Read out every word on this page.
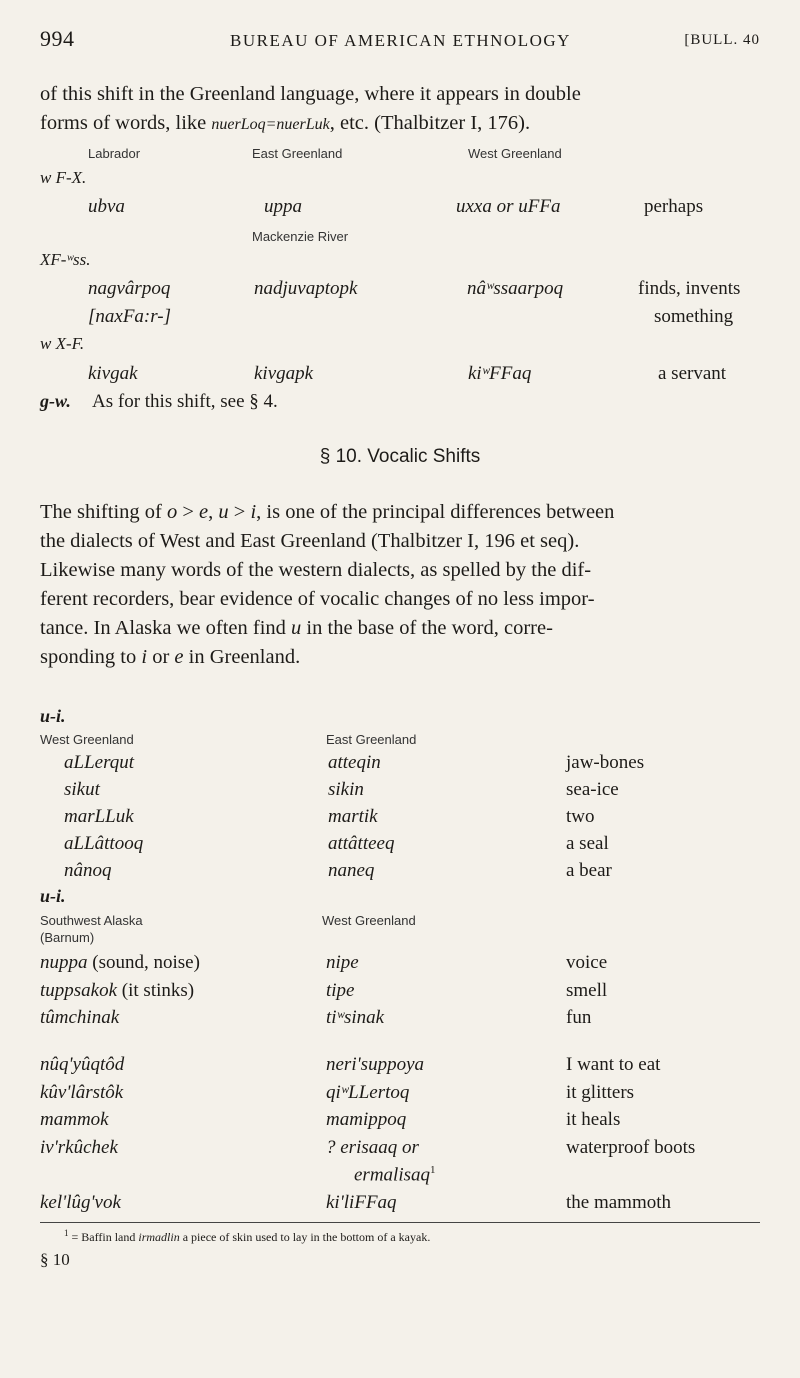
994	BUREAU OF AMERICAN ETHNOLOGY	[BULL. 40
of this shift in the Greenland language, where it appears in double
forms of words, like nuerLoq=nuerLuk, etc. (Thalbitzer I, 176).
Labrador	East Greenland	West Greenland
w F-X.
ubva	uppa	uxxa or uFFa	perhaps
Mackenzie River
XF-ʷss.
nagvârpoq	nadjuvaptopk	nâʷssaarpoq	finds, invents
[naxFa:r-]	something
w X-F.
kivgak	kivgapk	kiʷFFaq	a servant
g-w. As for this shift, see § 4.
§ 10. Vocalic Shifts
The shifting of o > e, u > i, is one of the principal differences between
the dialects of West and East Greenland (Thalbitzer I, 196 et seq).
Likewise many words of the western dialects, as spelled by the dif-
ferent recorders, bear evidence of vocalic changes of no less impor-
tance. In Alaska we often find u in the base of the word, corre-
sponding to i or e in Greenland.
u-i.
West Greenland	East Greenland
aLLerqut	atteqin	jaw-bones
sikut	sikin	sea-ice
marLLuk	martik	two
aLLâttooq	attâtteeq	a seal
nânoq	naneq	a bear
u-i.
Southwest Alaska	West Greenland
(Barnum)
nuppa (sound, noise)	nipe	voice
tuppsakok (it stinks)	tipe	smell
tûmchinak	tiʷsinak	fun
nûq'yûqtôd	neri'suppoya	I want to eat
kûv'lârstôk	qiʷLLertoq	it glitters
mammok	mamippoq	it heals
iv'rkûchek	? erisaaq or	waterproof boots
ermalisaq$^1$
kel'lûg'vok	ki'liFFaq	the mammoth
$^1$ = Baffin land irmadlin a piece of skin used to lay in the bottom of a kayak.
§ 10
